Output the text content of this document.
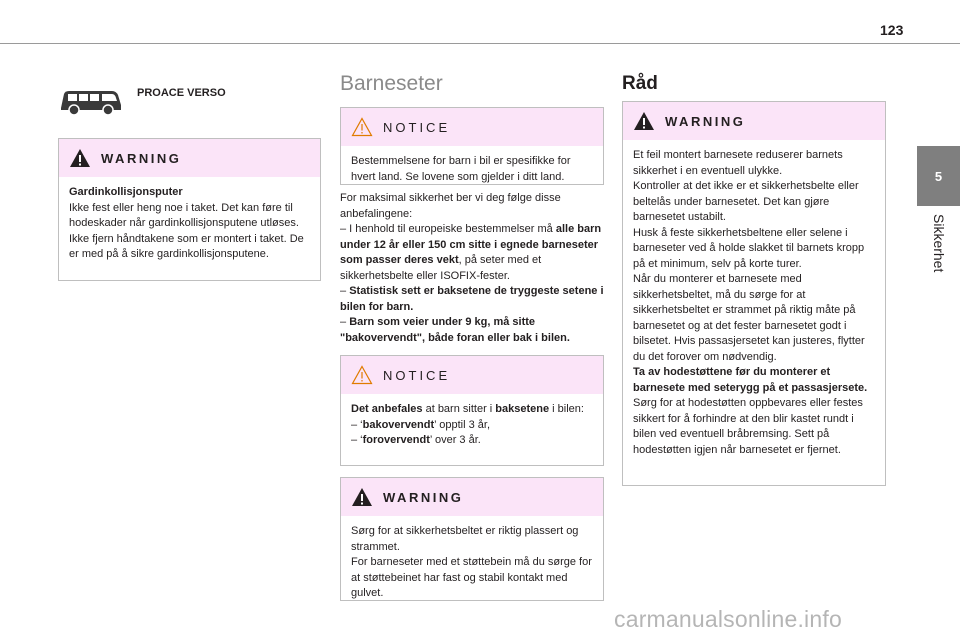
123
5
Sikkerhet
PROACE VERSO
WARNING

Gardinkollisjonsputer

Ikke fest eller heng noe i taket. Det kan føre til hodeskader når gardinkollisjonsputene utløses.

Ikke fjern håndtakene som er montert i taket. De er med på å sikre gardinkollisjonsputene.

Barneseter
NOTICE

Bestemmelsene for barn i bil er spesifikke for hvert land. Se lovene som gjelder i ditt land.

For maksimal sikkerhet ber vi deg følge disse anbefalingene:

– I henhold til europeiske bestemmelser må alle barn under 12 år eller 150 cm sitte i egnede barneseter som passer deres vekt, på seter med et sikkerhetsbelte eller ISOFIX-fester.

– Statistisk sett er baksetene de tryggeste setene i bilen for barn.

– Barn som veier under 9 kg, må sitte "bakovervendt", både foran eller bak i bilen.

NOTICE

Det anbefales at barn sitter i baksetene i bilen:

– ‘bakovervendt’ opptil 3 år,

– ‘forovervendt’ over 3 år.

WARNING

Sørg for at sikkerhetsbeltet er riktig plassert og strammet.

For barneseter med et støttebein må du sørge for at støttebeinet har fast og stabil kontakt med gulvet.

Råd
WARNING

Et feil montert barnesete reduserer barnets sikkerhet i en eventuell ulykke.

Kontroller at det ikke er et sikkerhetsbelte eller beltelås under barnesetet. Det kan gjøre barnesetet ustabilt.

Husk å feste sikkerhetsbeltene eller selene i barneseter ved å holde slakket til barnets kropp på et minimum, selv på korte turer.

Når du monterer et barnesete med sikkerhetsbeltet, må du sørge for at sikkerhetsbeltet er strammet på riktig måte på barnesetet og at det fester barnesetet godt i bilsetet. Hvis passasjersetet kan justeres, flytter du det forover om nødvendig.

Ta av hodestøttene før du monterer et barnesete med seterygg på et passasjersete.

Sørg for at hodestøtten oppbevares eller festes sikkert for å forhindre at den blir kastet rundt i bilen ved eventuell bråbremsing. Sett på hodestøtten igjen når barnesetet er fjernet.

carmanualsonline.info
